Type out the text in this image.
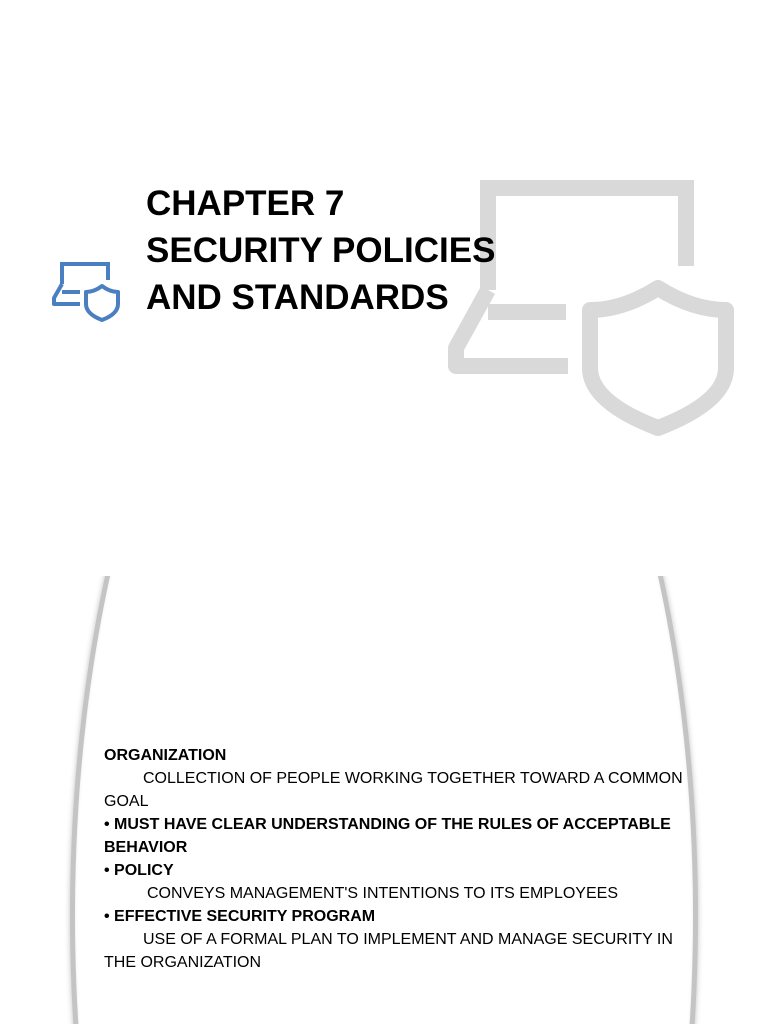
CHAPTER 7
SECURITY POLICIES
AND STANDARDS

ORGANIZATION

COLLECTION OF PEOPLE WORKING TOGETHER TOWARD A COMMON GOAL

• MUST HAVE CLEAR UNDERSTANDING OF THE RULES OF ACCEPTABLE BEHAVIOR

• POLICY

CONVEYS MANAGEMENT'S INTENTIONS TO ITS EMPLOYEES

• EFFECTIVE SECURITY PROGRAM

USE OF A FORMAL PLAN TO IMPLEMENT AND MANAGE SECURITY IN THE ORGANIZATION
